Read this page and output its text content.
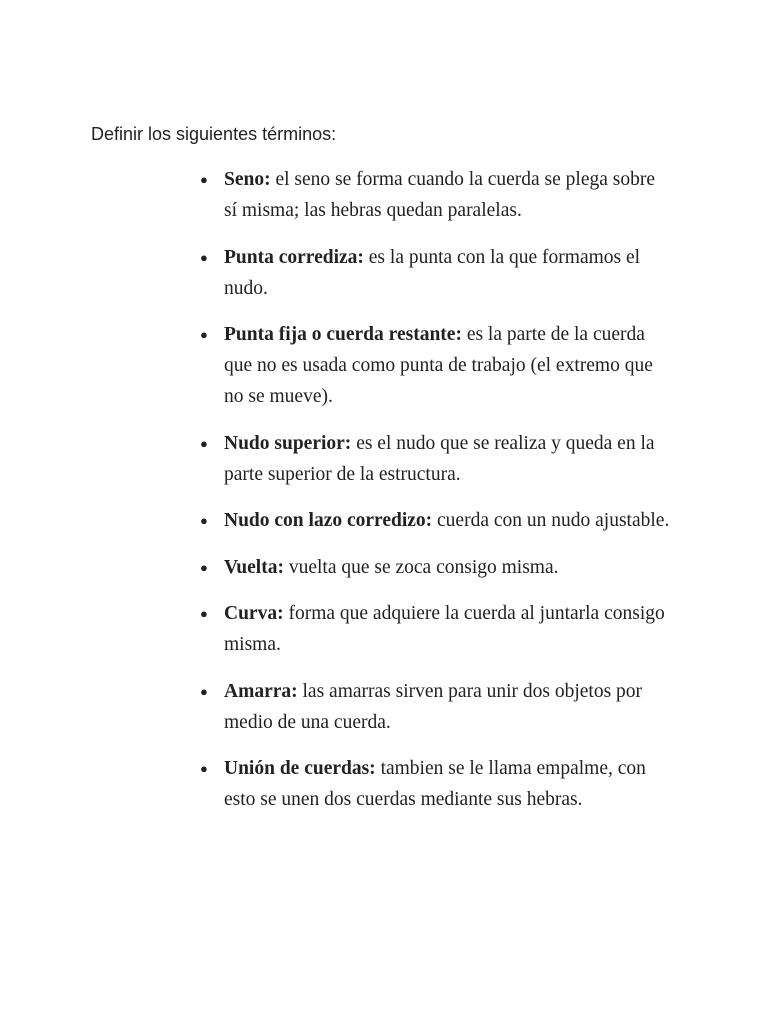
Definir los siguientes términos:
● Seno: el seno se forma cuando la cuerda se plega sobre sí misma; las hebras quedan paralelas.
● Punta corrediza: es la punta con la que formamos el nudo.
● Punta fija o cuerda restante: es la parte de la cuerda que no es usada como punta de trabajo (el extremo que no se mueve).
● Nudo superior: es el nudo que se realiza y queda en la parte superior de la estructura.
● Nudo con lazo corredizo: cuerda con un nudo ajustable.
● Vuelta: vuelta que se zoca consigo misma.
● Curva: forma que adquiere la cuerda al juntarla consigo misma.
● Amarra: las amarras sirven para unir dos objetos por medio de una cuerda.
● Unión de cuerdas: tambien se le llama empalme, con esto se unen dos cuerdas mediante sus hebras.
